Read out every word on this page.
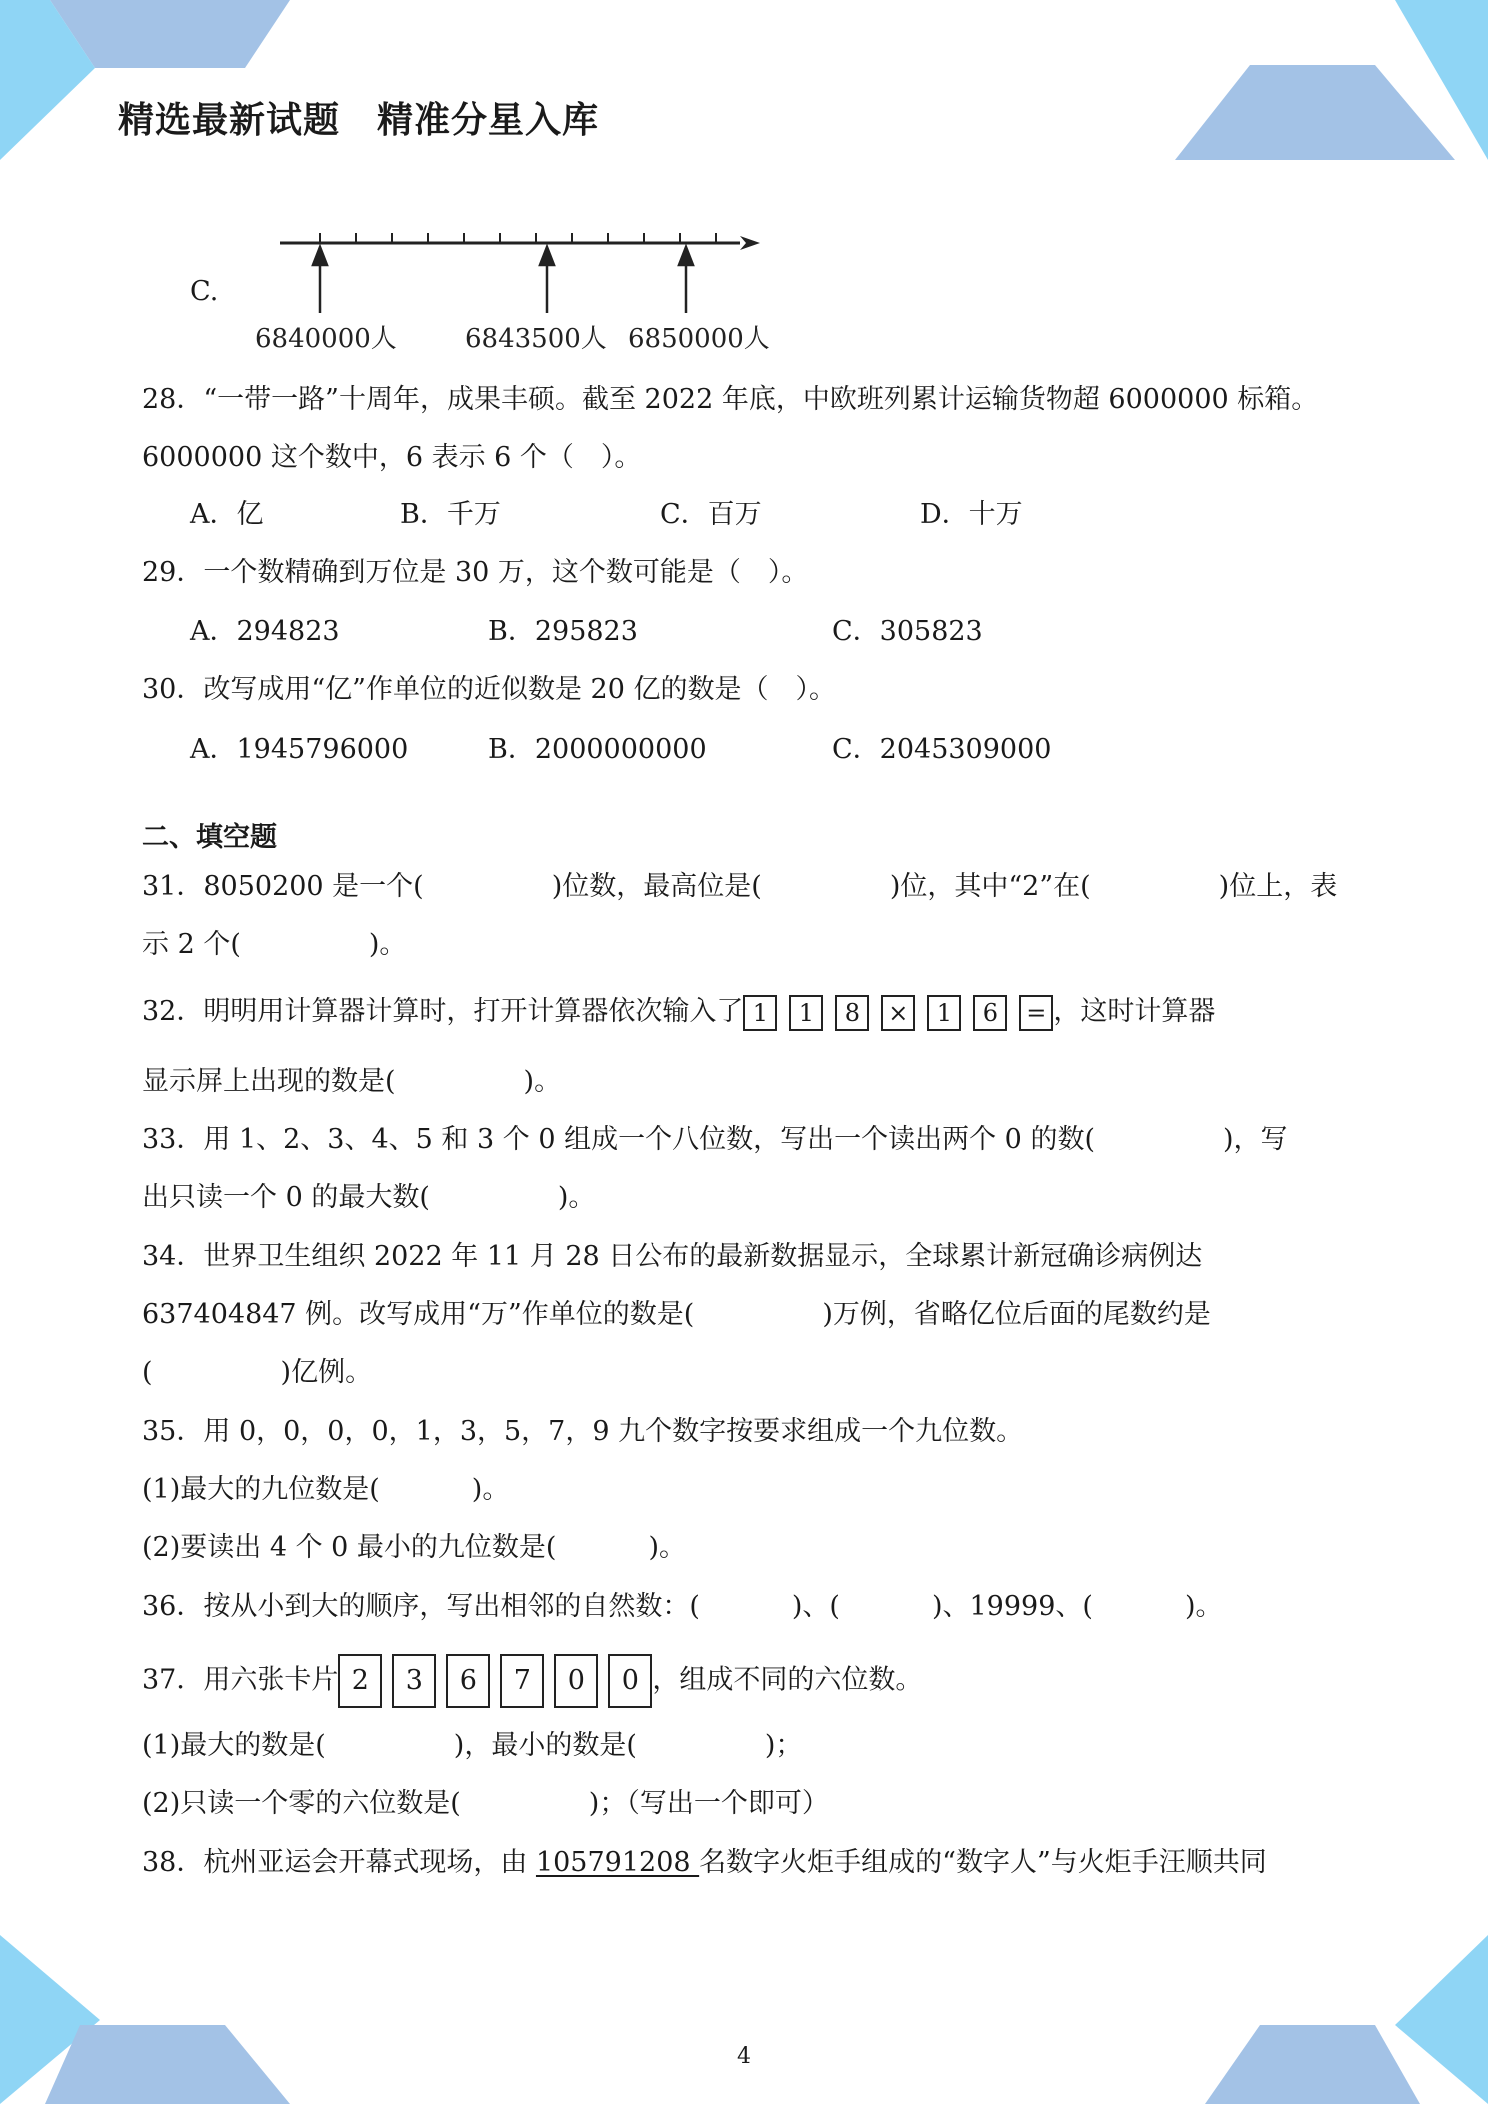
精选最新试题　精准分星入库
C.
6840000人	6843500人 6850000人
28．“一带一路”十周年，成果丰硕。截至 2022 年底，中欧班列累计运输货物超 6000000 标箱。
6000000 这个数中，6 表示 6 个（　）。
A．亿	B．千万	C．百万	D．十万
29．一个数精确到万位是 30 万，这个数可能是（　）。
A．294823	B．295823	C．305823
30．改写成用“亿”作单位的近似数是 20 亿的数是（　）。
A．1945796000	B．2000000000	C．2045309000
二、填空题
31．8050200 是一个(	)位数，最高位是(	)位，其中“2”在(	)位上，表
示 2 个(	)。
32．明明用计算器计算时，打开计算器依次输入了 1 1 8 × 1 6 = ，这时计算器
显示屏上出现的数是(	)。
33．用 1、2、3、4、5 和 3 个 0 组成一个八位数，写出一个读出两个 0 的数(	)，写
出只读一个 0 的最大数(	)。
34．世界卫生组织 2022 年 11 月 28 日公布的最新数据显示，全球累计新冠确诊病例达
637404847 例。改写成用“万”作单位的数是(	)万例，省略亿位后面的尾数约是
(	)亿例。
35．用 0，0，0，0，1，3，5，7，9 九个数字按要求组成一个九位数。
(1)最大的九位数是(	)。
(2)要读出 4 个 0 最小的九位数是(	)。
36．按从小到大的顺序，写出相邻的自然数：(	)、(	)、19999、(	)。
37．用六张卡片 2 3 6 7 0 0 ，组成不同的六位数。
(1)最大的数是(	)，最小的数是(	)；
(2)只读一个零的六位数是(	)；（写出一个即可）
38．杭州亚运会开幕式现场，由 105791208 名数字火炬手组成的“数字人”与火炬手汪顺共同
4
